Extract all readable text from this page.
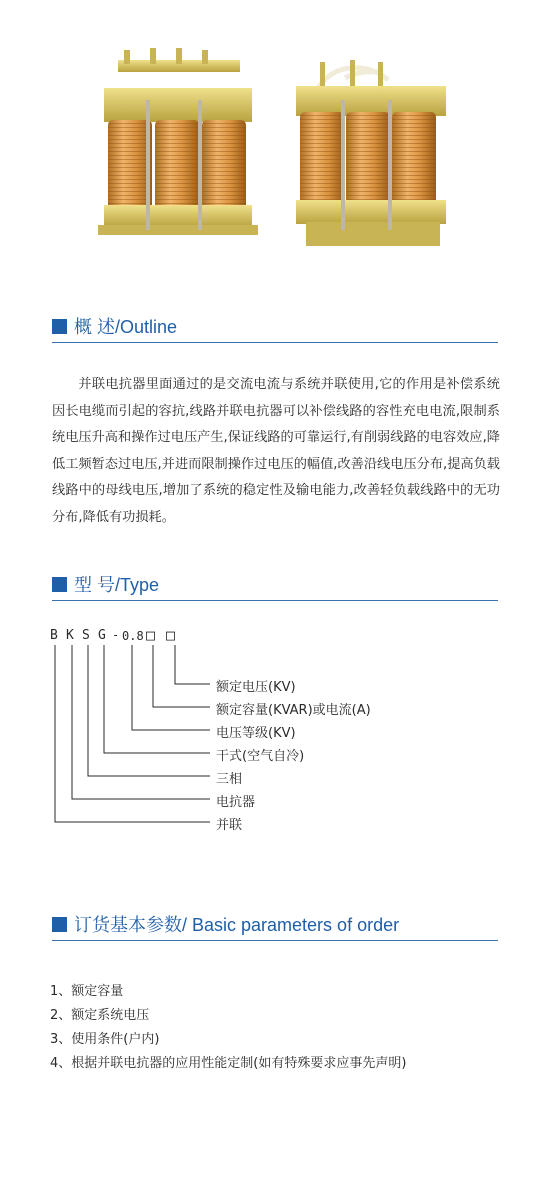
概 述/Outline

并联电抗器里面通过的是交流电流与系统并联使用,它的作用是补偿系统因长电缆而引起的容抗,线路并联电抗器可以补偿线路的容性充电电流,限制系统电压升高和操作过电压产生,保证线路的可靠运行,有削弱线路的电容效应,降低工频暂态过电压,并进而限制操作过电压的幅值,改善沿线电压分布,提高负载线路中的母线电压,增加了系统的稳定性及输电能力,改善轻负载线路中的无功分布,降低有功损耗。

型 号/Type
B K S G - 0.8 □ □
额定电压(KV)
额定容量(KVAR)或电流(A)
电压等级(KV)
干式(空气自冷)
三相
电抗器
并联
订货基本参数/ Basic parameters of order
1、额定容量
2、额定系统电压
3、使用条件(户内)
4、根据并联电抗器的应用性能定制(如有特殊要求应事先声明)
